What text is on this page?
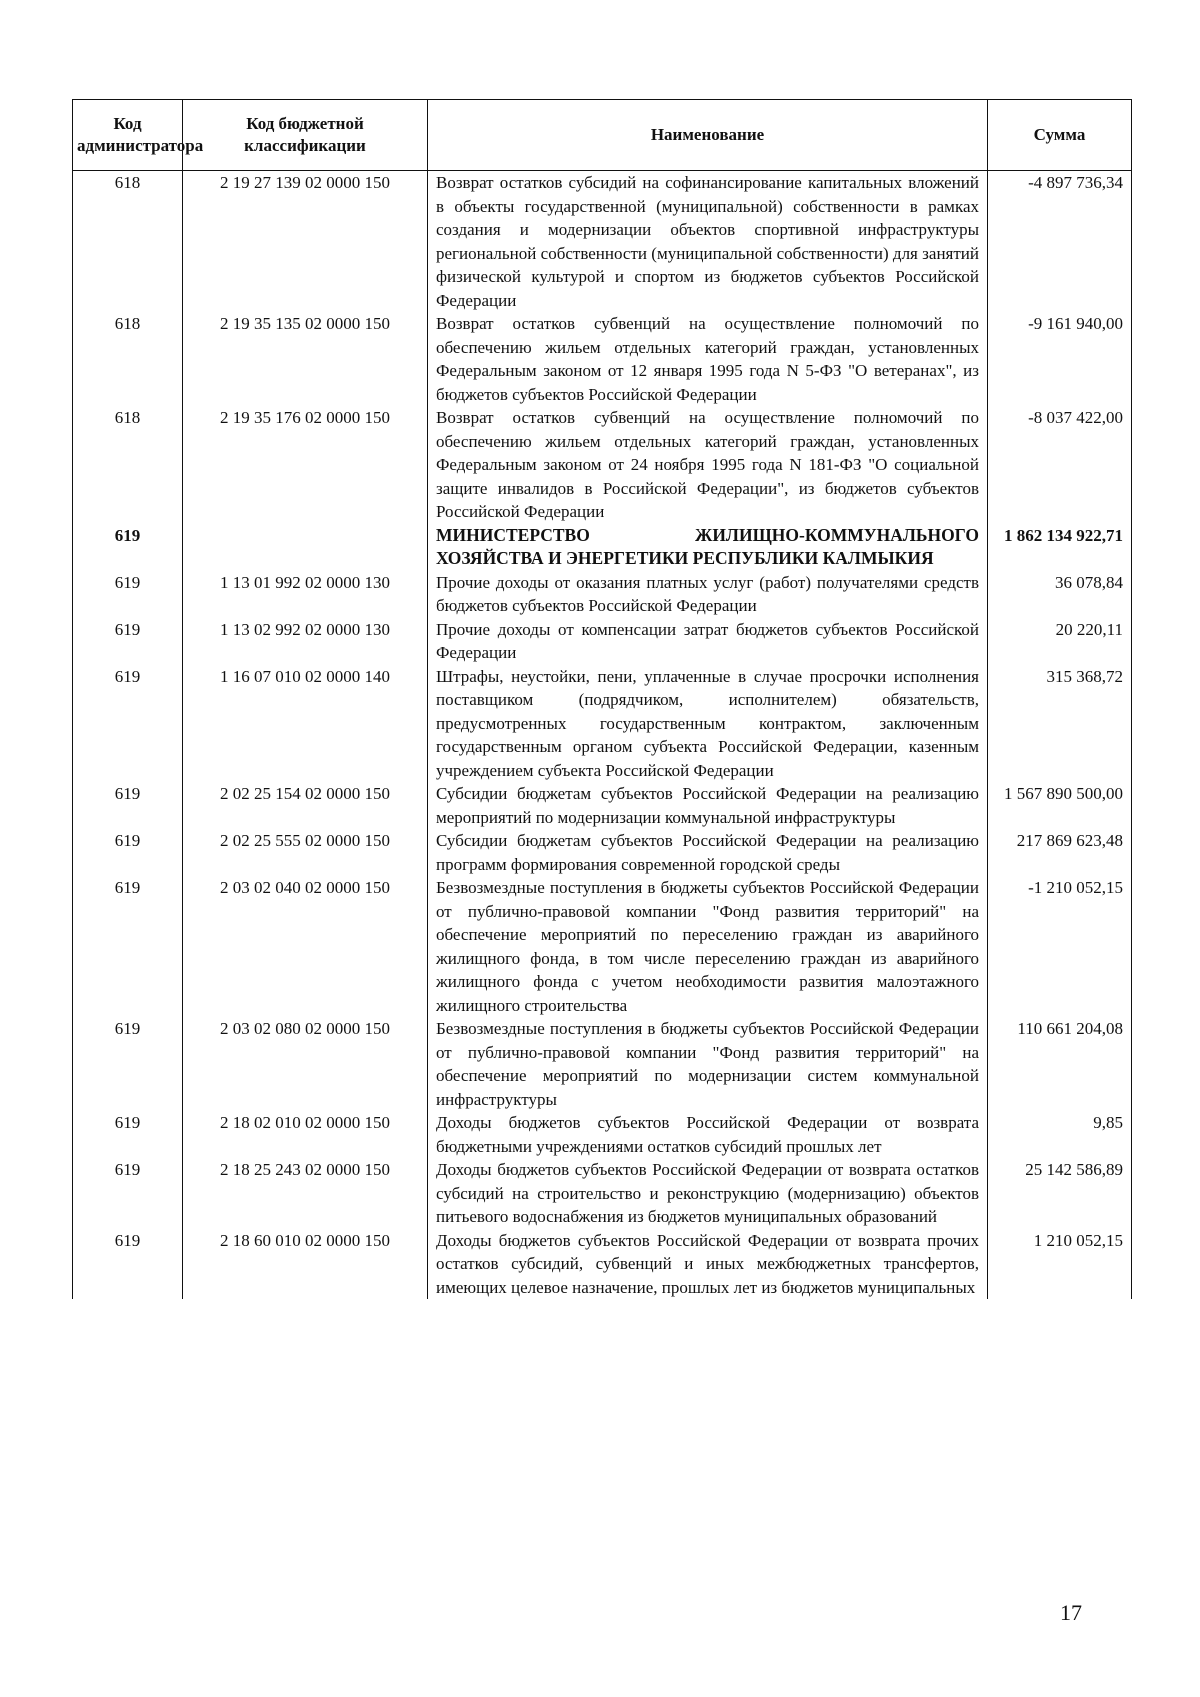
Код администратора	Код бюджетной классификации	Наименование	Сумма
618	2 19 27 139 02 0000 150	Возврат остатков субсидий на софинансирование капитальных вложений в объекты государственной (муниципальной) собственности в рамках создания и модернизации объектов спортивной инфраструктуры региональной собственности (муниципальной собственности) для занятий физической культурой и спортом из бюджетов субъектов Российской Федерации	-4 897 736,34
618	2 19 35 135 02 0000 150	Возврат остатков субвенций на осуществление полномочий по обеспечению жильем отдельных категорий граждан, установленных Федеральным законом от 12 января 1995 года N 5-ФЗ "О ветеранах", из бюджетов субъектов Российской Федерации	-9 161 940,00
618	2 19 35 176 02 0000 150	Возврат остатков субвенций на осуществление полномочий по обеспечению жильем отдельных категорий граждан, установленных Федеральным законом от 24 ноября 1995 года N 181-ФЗ "О социальной защите инвалидов в Российской Федерации", из бюджетов субъектов Российской Федерации	-8 037 422,00
619		МИНИСТЕРСТВО ЖИЛИЩНО-КОММУНАЛЬНОГО ХОЗЯЙСТВА И ЭНЕРГЕТИКИ РЕСПУБЛИКИ КАЛМЫКИЯ	1 862 134 922,71
619	1 13 01 992 02 0000 130	Прочие доходы от оказания платных услуг (работ) получателями средств бюджетов субъектов Российской Федерации	36 078,84
619	1 13 02 992 02 0000 130	Прочие доходы от компенсации затрат бюджетов субъектов Российской Федерации	20 220,11
619	1 16 07 010 02 0000 140	Штрафы, неустойки, пени, уплаченные в случае просрочки исполнения поставщиком (подрядчиком, исполнителем) обязательств, предусмотренных государственным контрактом, заключенным государственным органом субъекта Российской Федерации, казенным учреждением субъекта Российской Федерации	315 368,72
619	2 02 25 154 02 0000 150	Субсидии бюджетам субъектов Российской Федерации на реализацию мероприятий по модернизации коммунальной инфраструктуры	1 567 890 500,00
619	2 02 25 555 02 0000 150	Субсидии бюджетам субъектов Российской Федерации на реализацию программ формирования современной городской среды	217 869 623,48
619	2 03 02 040 02 0000 150	Безвозмездные поступления в бюджеты субъектов Российской Федерации от публично-правовой компании "Фонд развития территорий" на обеспечение мероприятий по переселению граждан из аварийного жилищного фонда, в том числе переселению граждан из аварийного жилищного фонда с учетом необходимости развития малоэтажного жилищного строительства	-1 210 052,15
619	2 03 02 080 02 0000 150	Безвозмездные поступления в бюджеты субъектов Российской Федерации от публично-правовой компании "Фонд развития территорий" на обеспечение мероприятий по модернизации систем коммунальной инфраструктуры	110 661 204,08
619	2 18 02 010 02 0000 150	Доходы бюджетов субъектов Российской Федерации от возврата бюджетными учреждениями остатков субсидий прошлых лет	9,85
619	2 18 25 243 02 0000 150	Доходы бюджетов субъектов Российской Федерации от возврата остатков субсидий на строительство и реконструкцию (модернизацию) объектов питьевого водоснабжения из бюджетов муниципальных образований	25 142 586,89
619	2 18 60 010 02 0000 150	Доходы бюджетов субъектов Российской Федерации от возврата прочих остатков субсидий, субвенций и иных межбюджетных трансфертов, имеющих целевое назначение, прошлых лет из бюджетов муниципальных	1 210 052,15
17
